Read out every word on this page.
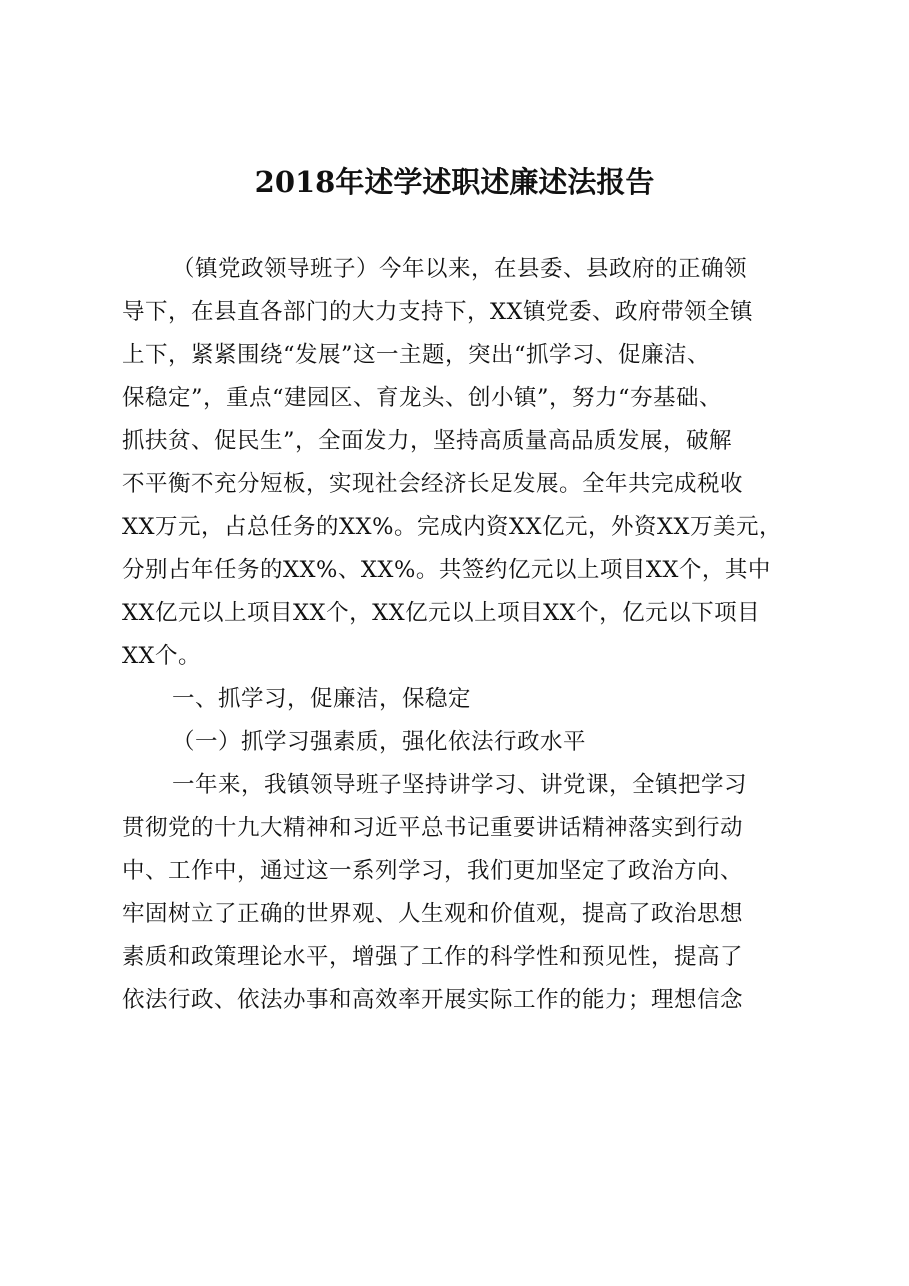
2018年述学述职述廉述法报告
（镇党政领导班子）今年以来，在县委、县政府的正确领
导下，在县直各部门的大力支持下，XX镇党委、政府带领全镇
上下，紧紧围绕“发展”这一主题，突出“抓学习、促廉洁、
保稳定”，重点“建园区、育龙头、创小镇”，努力“夯基础、
抓扶贫、促民生”，全面发力，坚持高质量高品质发展，破解
不平衡不充分短板，实现社会经济长足发展。全年共完成税收
XX万元，占总任务的XX%。完成内资XX亿元，外资XX万美元，
分别占年任务的XX%、XX%。共签约亿元以上项目XX个，其中
XX亿元以上项目XX个，XX亿元以上项目XX个，亿元以下项目
XX个。
一、抓学习，促廉洁，保稳定
（一）抓学习强素质，强化依法行政水平
一年来，我镇领导班子坚持讲学习、讲党课，全镇把学习
贯彻党的十九大精神和习近平总书记重要讲话精神落实到行动
中、工作中，通过这一系列学习，我们更加坚定了政治方向、
牢固树立了正确的世界观、人生观和价值观，提高了政治思想
素质和政策理论水平，增强了工作的科学性和预见性，提高了
依法行政、依法办事和高效率开展实际工作的能力；理想信念
